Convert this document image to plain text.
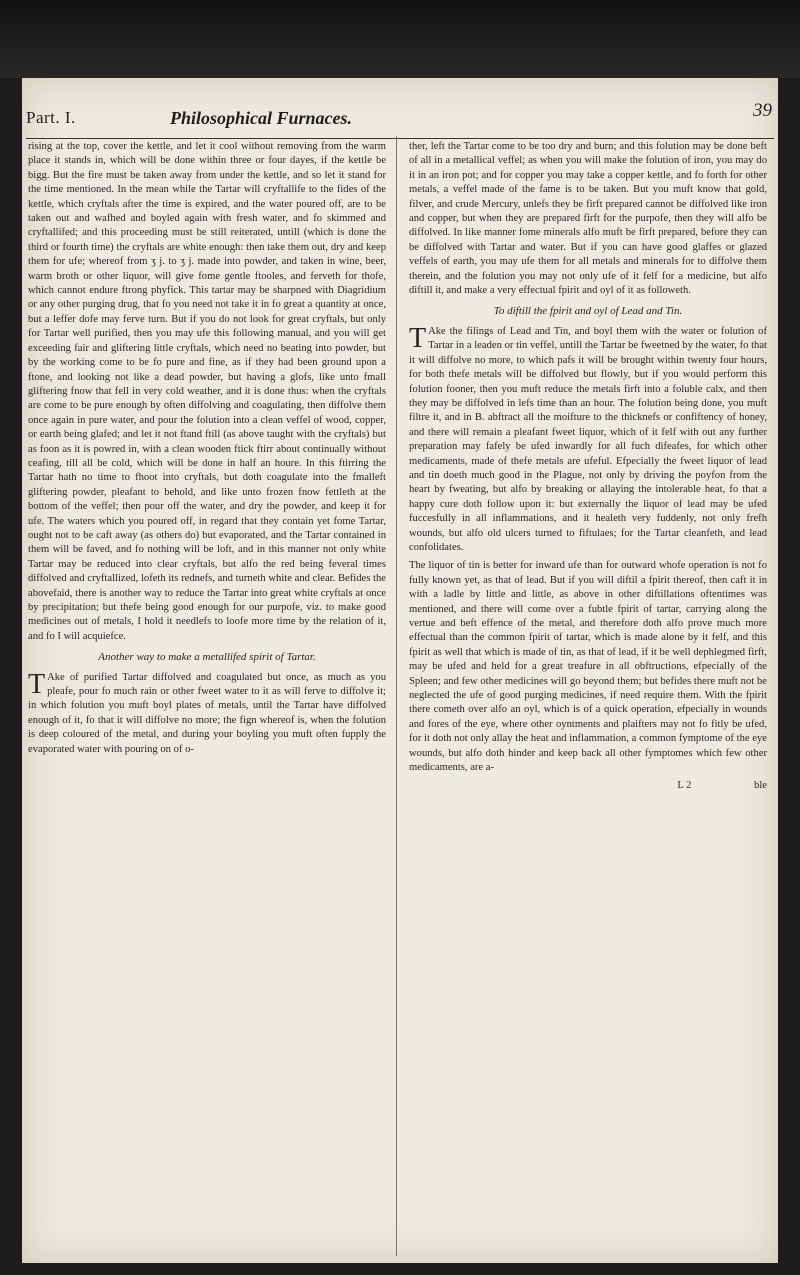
Part. I.	Philosophical Furnaces.	39

rising at the top, cover the kettle, and let it cool without removing from the warm place it stands in, which will be done within three or four dayes, if the kettle be bigg. But the fire must be taken away from under the kettle, and so let it stand for the time mentioned. In the mean while the Tartar will cryftallife to the fides of the kettle, which cryftals after the time is expired, and the water poured off, are to be taken out and wafhed and boyled again with fresh water, and fo skimmed and cryftallifed; and this proceeding must be still reiterated, untill (which is done the third or fourth time) the cryftals are white enough: then take them out, dry and keep them for ufe; whereof from ʒ j. to ʒ j. made into powder, and taken in wine, beer, warm broth or other liquor, will give fome gentle ftooles, and ferveth for thofe, which cannot endure ftrong phyfick. This tartar may be sharpned with Diagridium or any other purging drug, that fo you need not take it in fo great a quantity at once, but a leffer dofe may ferve turn. But if you do not look for great cryftals, but only for Tartar well purified, then you may ufe this following manual, and you will get exceeding fair and gliftering little cryftals, which need no beating into powder, but by the working come to be fo pure and fine, as if they had been ground upon a ftone, and looking not like a dead powder, but having a glofs, like unto fmall gliftering fnow that fell in very cold weather, and it is done thus: when the cryftals are come to be pure enough by often diffolving and coagulating, then diffolve them once again in pure water, and pour the folution into a clean veffel of wood, copper, or earth being glafed; and let it not ftand ftill (as above taught with the cryftals) but as foon as it is powred in, with a clean wooden ftick ftirr about continually without ceafing, till all be cold, which will be done in half an houre. In this ftirring the Tartar hath no time to fhoot into cryftals, but doth coagulate into the fmalleft gliftering powder, pleafant to behold, and like unto frozen fnow fettleth at the bottom of the veffel; then pour off the water, and dry the powder, and keep it for ufe. The waters which you poured off, in regard that they contain yet fome Tartar, ought not to be caft away (as others do) but evaporated, and the Tartar contained in them will be faved, and fo nothing will be loft, and in this manner not only white Tartar may be reduced into clear cryftals, but alfo the red being feveral times diffolved and cryftallized, lofeth its rednefs, and turneth white and clear. Befides the abovefaid, there is another way to reduce the Tartar into great white cryftals at once by precipitation; but thefe being good enough for our purpofe, viz. to make good medicines out of metals, I hold it needlefs to loofe more time by the relation of it, and fo I will acquiefce.

Another way to make a metallifed spirit of Tartar.

T Ake of purified Tartar diffolved and coagulated but once, as much as you pleafe, pour fo much rain or other fweet water to it as will ferve to diffolve it; in which folution you muft boyl plates of metals, until the Tartar have diffolved enough of it, fo that it will diffolve no more; the fign whereof is, when the folution is deep coloured of the metal, and during your boyling you muft often fupply the evaporated water with pouring on of o-

ther, left the Tartar come to be too dry and burn; and this folution may be done beft of all in a metallical veffel; as when you will make the folution of iron, you may do it in an iron pot; and for copper you may take a copper kettle, and fo forth for other metals, a veffel made of the fame is to be taken. But you muft know that gold, filver, and crude Mercury, unlefs they be firft prepared cannot be diffolved like iron and copper, but when they are prepared firft for the purpofe, then they will alfo be diffolved. In like manner fome minerals alfo muft be firft prepared, before they can be diffolved with Tartar and water. But if you can have good glaffes or glazed veffels of earth, you may ufe them for all metals and minerals for to diffolve them therein, and the folution you may not only ufe of it felf for a medicine, but alfo diftill it, and make a very effectual fpirit and oyl of it as followeth.

To diftill the fpirit and oyl of Lead and Tin.

T Ake the filings of Lead and Tin, and boyl them with the water or folution of Tartar in a leaden or tin veffel, untill the Tartar be fweetned by the water, fo that it will diffolve no more, to which pafs it will be brought within twenty four hours, for both thefe metals will be diffolved but flowly, but if you would perform this folution fooner, then you muft reduce the metals firft into a foluble calx, and then they may be diffolved in lefs time than an hour. The folution being done, you muft filtre it, and in B. abftract all the moifture to the thicknefs or confiftency of honey, and there will remain a pleafant fweet liquor, which of it felf with out any further preparation may fafely be ufed inwardly for all fuch difeafes, for which other medicaments, made of thefe metals are ufeful. Efpecially the fweet liquor of lead and tin doeth much good in the Plague, not only by driving the poyfon from the heart by fweating, but alfo by breaking or allaying the intolerable heat, fo that a happy cure doth follow upon it: but externally the liquor of lead may be ufed fuccesfully in all inflammations, and it healeth very fuddenly, not only frefh wounds, but alfo old ulcers turned to fiftulaes; for the Tartar cleanfeth, and lead confolidates.

The liquor of tin is better for inward ufe than for outward whofe operation is not fo fully known yet, as that of lead. But if you will diftil a fpirit thereof, then caft it in with a ladle by little and little, as above in other diftillations oftentimes was mentioned, and there will come over a fubtle fpirit of tartar, carrying along the vertue and beft effence of the metal, and therefore doth alfo prove much more effectual than the common fpirit of tartar, which is made alone by it felf, and this fpirit as well that which is made of tin, as that of lead, if it be well dephlegmed firft, may be ufed and held for a great treafure in all obftructions, efpecially of the Spleen; and few other medicines will go beyond them; but befides there muft not be neglected the ufe of good purging medicines, if need require them. With the fpirit there cometh over alfo an oyl, which is of a quick operation, efpecially in wounds and fores of the eye, where other oyntments and plaifters may not fo fitly be ufed, for it doth not only allay the heat and inflammation, a common fymptome of the eye wounds, but alfo doth hinder and keep back all other fymptomes which few other medicaments, are a-

L 2	ble
